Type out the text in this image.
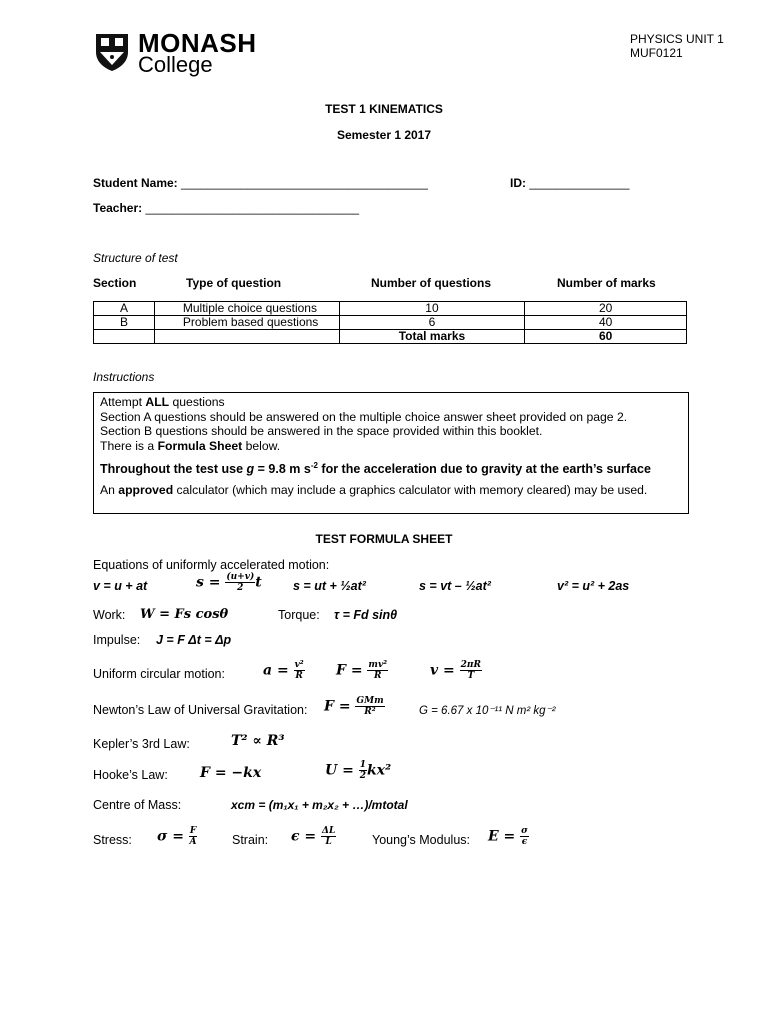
MONASH
College
PHYSICS UNIT 1
MUF0121
TEST 1 KINEMATICS
Semester 1 2017
Student Name: _____________________________________	ID: _______________
Teacher: ________________________________
Structure of test
Section	Type of question	Number of questions	Number of marks
A	Multiple choice questions	10	20
B	Problem based questions	6	40
		Total marks	60
Instructions
Attempt ALL questions
Section A questions should be answered on the multiple choice answer sheet provided on page 2.
Section B questions should be answered in the space provided within this booklet.
There is a Formula Sheet below.
Throughout the test use g = 9.8 m $s^{-2}$ for the acceleration due to gravity at the earth’s surface
An approved calculator (which may include a graphics calculator with memory cleared) may be used.
TEST FORMULA SHEET
Equations of uniformly accelerated motion:
v = u + at	$s = \frac{(u+v)}{2}$ t	s = ut + ½at²	s = vt – ½at²	v² = u² + 2as
Work: W = Fs cosθ	Torque: τ = Fd sinθ
Impulse: J = F Δt = Δp
Uniform circular motion:	$a = \frac{\text{v²}}{R}$ $F = \frac{\text{mv²}}{R}$	$v = \frac{2\pi R}{T}$
Newton’s Law of Universal Gravitation: $F = \frac{\text{GMm}}{\text{R²}}$	G = 6.67 x 10⁻¹¹ N m² kg⁻²
Kepler’s 3rd Law:	T² ∝ R³
Hooke’s Law: F = −kx	$U = \frac{1}{2} kx^2$
Centre of Mass:	xcm = (m₁x₁ + m₂x₂ + …)/mtotal
Stress: $\sigma = \frac{F}{A}$	Strain: $\epsilon = \frac{\Delta L}{L}$	Young’s Modulus: $E = \frac{\sigma}{\epsilon}$
